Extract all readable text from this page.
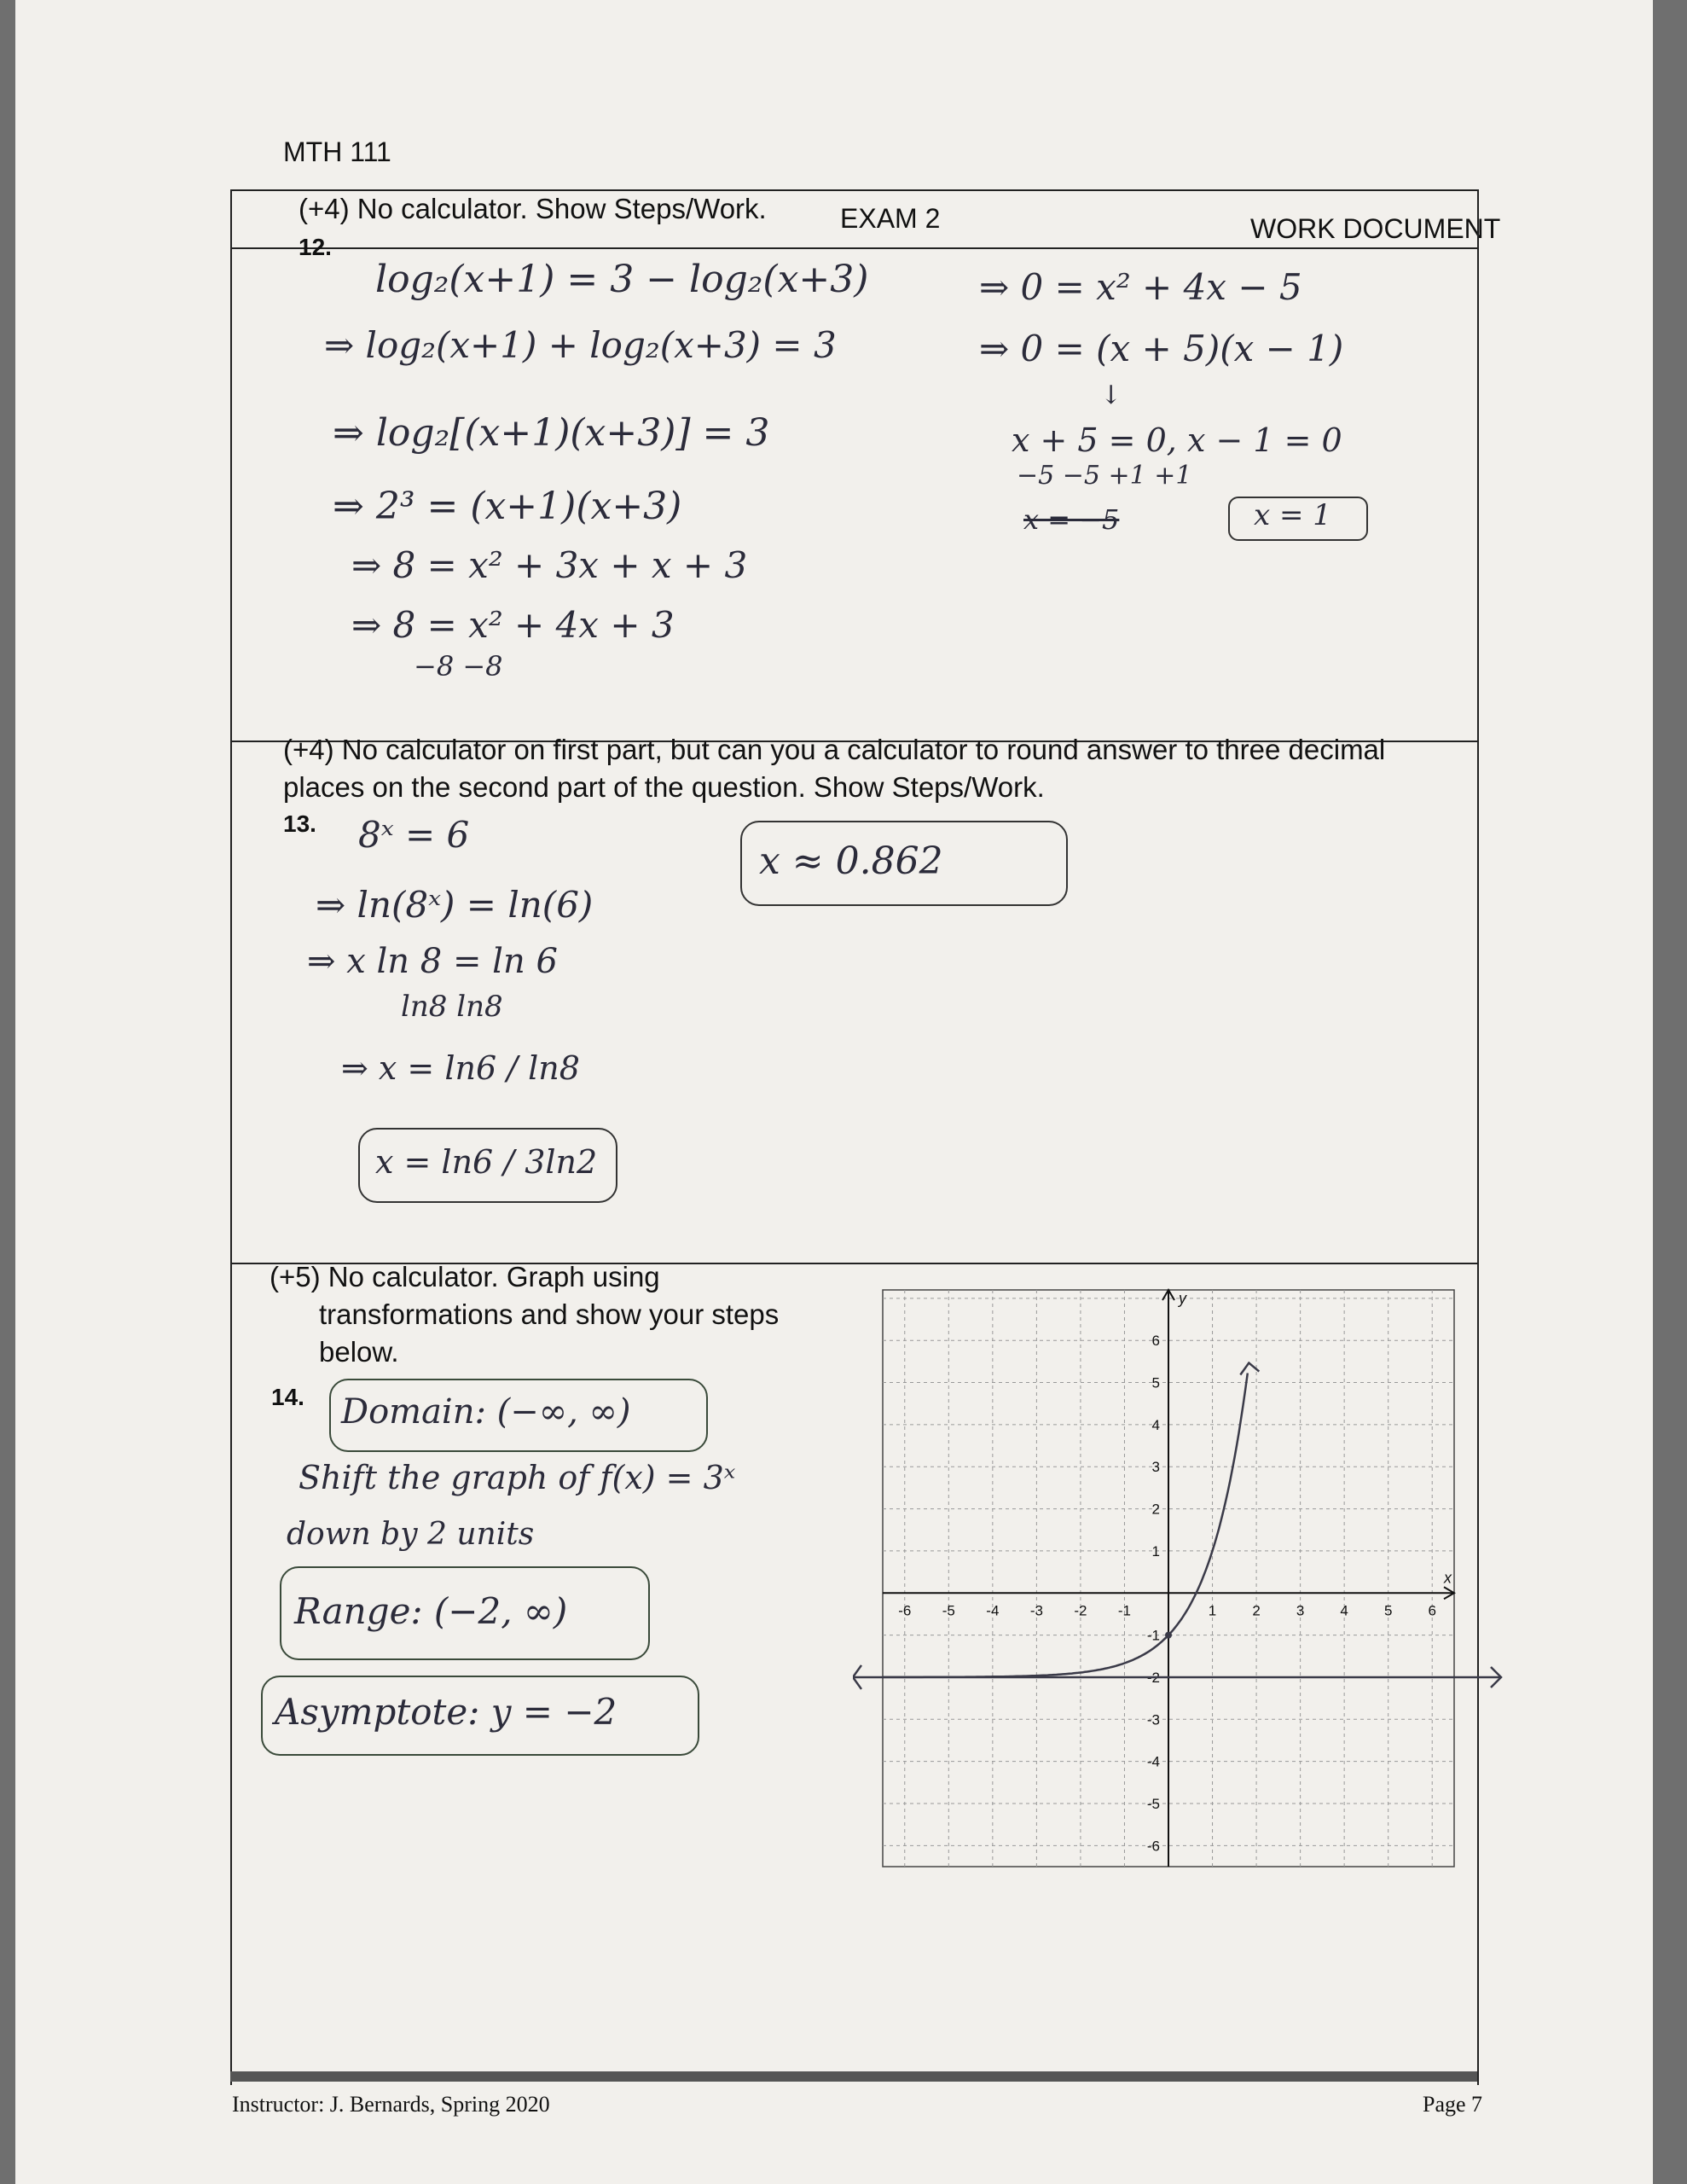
MTH 111
EXAM 2	WORK DOCUMENT
(+4) No calculator. Show Steps/Work.
12.
log₂(x+1) = 3 − log₂(x+3)
⇒ log₂(x+1) + log₂(x+3) = 3
⇒ log₂[(x+1)(x+3)] = 3
⇒ 2³ = (x+1)(x+3)
⇒ 8 = x² + 3x + x + 3
⇒ 8 = x² + 4x + 3
−8 −8
⇒ 0 = x² + 4x − 5
⇒ 0 = (x + 5)(x − 1)
↓
x + 5 = 0, x − 1 = 0
−5 −5 +1 +1
x = −5	x = 1
(+4) No calculator on first part, but can you a calculator to round answer to three decimal
places on the second part of the question. Show Steps/Work.
13. 8ˣ = 6
⇒ ln(8ˣ) = ln(6)
⇒ x ln 8 = ln 6
ln8 ln8
⇒ x = ln6 / ln8
x = ln6 / 3ln2
x ≈ 0.862
(+5) No calculator. Graph using
transformations and show your steps
below.
14. Domain: (−∞, ∞)
Shift the graph of f(x) = 3ˣ
down by 2 units
Range: (−2, ∞)
Asymptote: y = −2
-6 -5 -4 -3 -2 -1	1 2 3 4 5 6
6
5
4
3
2
1
-1
-2
-3
-4
-5
-6
x
y
Instructor: J. Bernards, Spring 2020	Page 7
